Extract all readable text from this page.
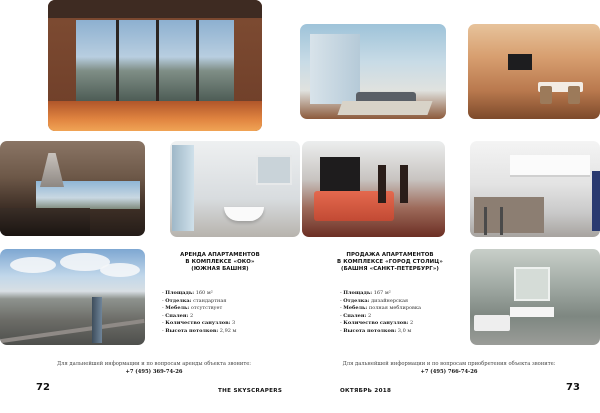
АРЕНДА АПАРТАМЕНТОВ
В КОМПЛЕКСЕ «ОКО»
(ЮЖНАЯ БАШНЯ)
- Площадь: 160 м²
- Отделка: стандартная
- Мебель: отсутствует
- Спален: 2
- Количество санузлов: 3
- Высота потолков: 2,92 м
Для дальнейшей информации и по вопросам аренды объекта звоните:
+7 (495) 369-74-26
ПРОДАЖА АПАРТАМЕНТОВ
В КОМПЛЕКСЕ «ГОРОД СТОЛИЦ»
(БАШНЯ «САНКТ-ПЕТЕРБУРГ»)
- Площадь: 167 м²
- Отделка: дизайнерская
- Мебель: полная меблировка
- Спален: 2
- Количество санузлов: 2
- Высота потолков: 3,0 м
Для дальнейшей информации и по вопросам приобретения объекта звоните:
+7 (495) 766-74-26
72	THE SKYSCRAPERS	ОКТЯБРЬ 2018	73
